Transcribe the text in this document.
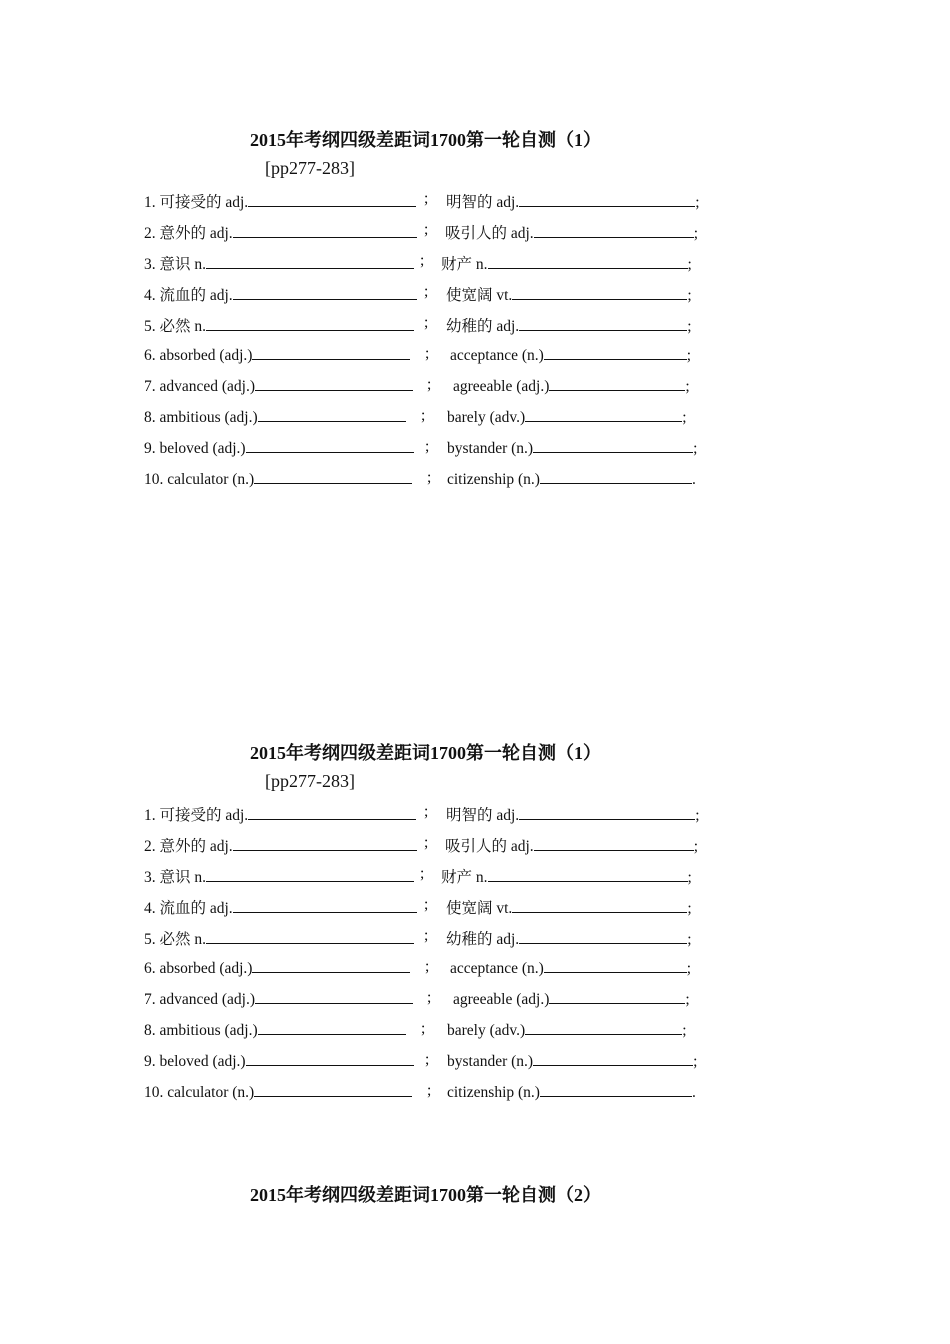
2015年考纲四级差距词1700第一轮自测（1）
[pp277-283]
1. 可接受的 adj.	; 明智的 adj.	;
2. 意外的 adj.	; 吸引人的 adj.	;
3. 意识 n.	; 财产 n.	;
4. 流血的 adj.	; 使宽阔 vt.	;
5. 必然 n.	; 幼稚的 adj.	;
6. absorbed (adj.)	; acceptance (n.)	;
7. advanced (adj.)	; agreeable (adj.)	;
8. ambitious (adj.)	; barely (adv.)	;
9. beloved (adj.)	; bystander (n.)	;
10. calculator (n.)	; citizenship (n.)	.
2015年考纲四级差距词1700第一轮自测（1）
[pp277-283]
1. 可接受的 adj.	; 明智的 adj.	;
2. 意外的 adj.	; 吸引人的 adj.	;
3. 意识 n.	; 财产 n.	;
4. 流血的 adj.	; 使宽阔 vt.	;
5. 必然 n.	; 幼稚的 adj.	;
6. absorbed (adj.)	; acceptance (n.)	;
7. advanced (adj.)	; agreeable (adj.)	;
8. ambitious (adj.)	; barely (adv.)	;
9. beloved (adj.)	; bystander (n.)	;
10. calculator (n.)	; citizenship (n.)	.
2015年考纲四级差距词1700第一轮自测（2）
